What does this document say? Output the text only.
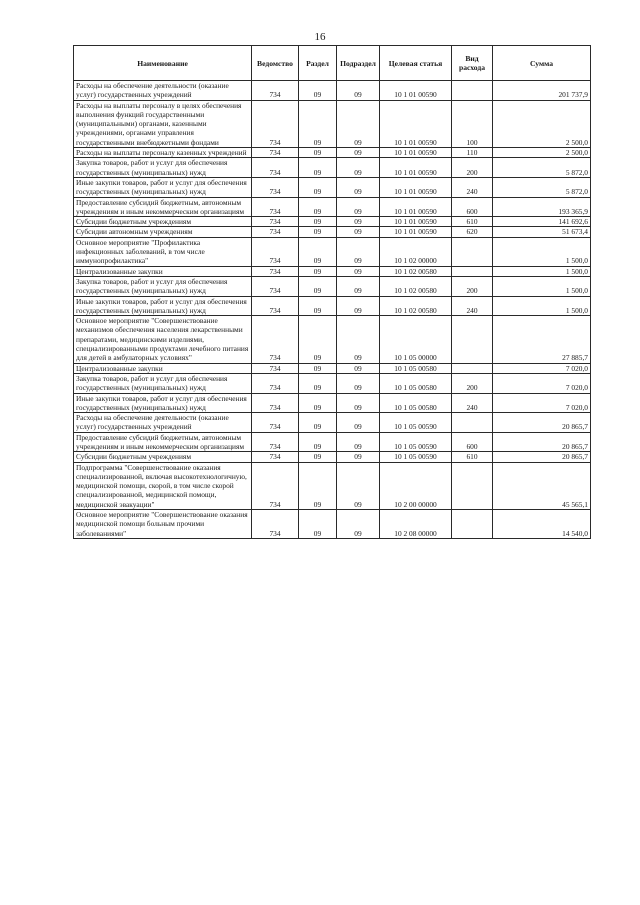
16
Наименование	Ведомство	Раздел	Подраздел	Целевая статья	Вид расхода	Сумма
Расходы на обеспечение деятельности (оказание услуг) государственных учреждений	734	09	09	10 1 01 00590		201 737,9
Расходы на выплаты персоналу в целях обеспечения выполнения функций государственными (муниципальными) органами, казенными учреждениями, органами управления государственными внебюджетными фондами	734	09	09	10 1 01 00590	100	2 500,0
Расходы на выплаты персоналу казенных учреждений	734	09	09	10 1 01 00590	110	2 500,0
Закупка товаров, работ и услуг для обеспечения государственных (муниципальных) нужд	734	09	09	10 1 01 00590	200	5 872,0
Иные закупки товаров, работ и услуг для обеспечения государственных (муниципальных) нужд	734	09	09	10 1 01 00590	240	5 872,0
Предоставление субсидий бюджетным, автономным учреждениям и иным некоммерческим организациям	734	09	09	10 1 01 00590	600	193 365,9
Субсидии бюджетным учреждениям	734	09	09	10 1 01 00590	610	141 692,6
Субсидии автономным учреждениям	734	09	09	10 1 01 00590	620	51 673,4
Основное мероприятие "Профилактика инфекционных заболеваний, в том числе иммунопрофилактика"	734	09	09	10 1 02 00000		1 500,0
Централизованные закупки	734	09	09	10 1 02 00580		1 500,0
Закупка товаров, работ и услуг для обеспечения государственных (муниципальных) нужд	734	09	09	10 1 02 00580	200	1 500,0
Иные закупки товаров, работ и услуг для обеспечения государственных (муниципальных) нужд	734	09	09	10 1 02 00580	240	1 500,0
Основное мероприятие "Совершенствование механизмов обеспечения населения лекарственными препаратами, медицинскими изделиями, специализированными продуктами лечебного питания для детей в амбулаторных условиях"	734	09	09	10 1 05 00000		27 885,7
Централизованные закупки	734	09	09	10 1 05 00580		7 020,0
Закупка товаров, работ и услуг для обеспечения государственных (муниципальных) нужд	734	09	09	10 1 05 00580	200	7 020,0
Иные закупки товаров, работ и услуг для обеспечения государственных (муниципальных) нужд	734	09	09	10 1 05 00580	240	7 020,0
Расходы на обеспечение деятельности (оказание услуг) государственных учреждений	734	09	09	10 1 05 00590		20 865,7
Предоставление субсидий бюджетным, автономным учреждениям и иным некоммерческим организациям	734	09	09	10 1 05 00590	600	20 865,7
Субсидии бюджетным учреждениям	734	09	09	10 1 05 00590	610	20 865,7
Подпрограмма "Совершенствование оказания специализированной, включая высокотехнологичную, медицинской помощи, скорой, в том числе скорой специализированной, медицинской помощи, медицинской эвакуации"	734	09	09	10 2 00 00000		45 565,1
Основное мероприятие "Совершенствование оказания медицинской помощи больным прочими заболеваниями"	734	09	09	10 2 08 00000		14 540,0
